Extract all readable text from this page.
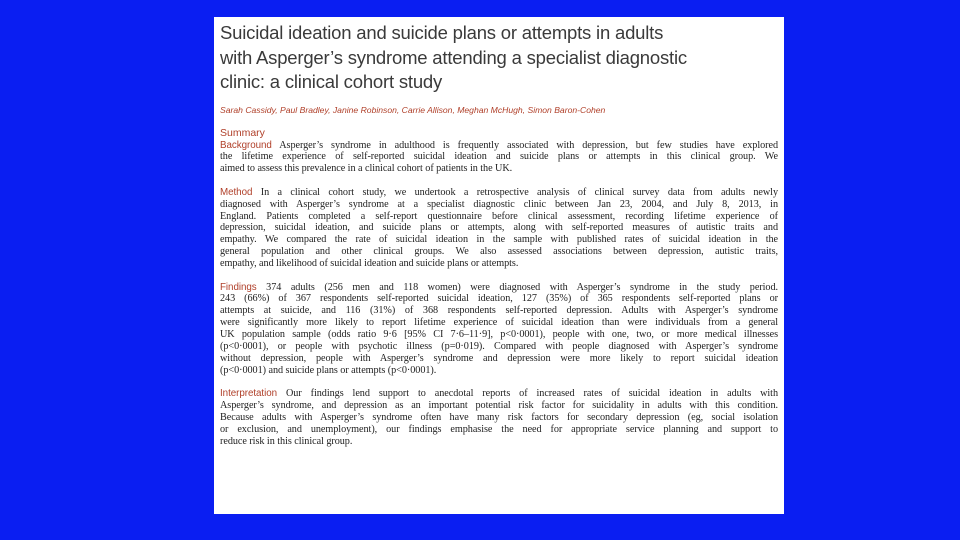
Suicidal ideation and suicide plans or attempts in adults
with Asperger’s syndrome attending a specialist diagnostic
clinic: a clinical cohort study
Sarah Cassidy, Paul Bradley, Janine Robinson, Carrie Allison, Meghan McHugh, Simon Baron-Cohen
Summary
Background Asperger’s syndrome in adulthood is frequently associated with depression, but few studies have explored
the lifetime experience of self-reported suicidal ideation and suicide plans or attempts in this clinical group. We
aimed to assess this prevalence in a clinical cohort of patients in the UK.
Method In a clinical cohort study, we undertook a retrospective analysis of clinical survey data from adults newly
diagnosed with Asperger’s syndrome at a specialist diagnostic clinic between Jan 23, 2004, and July 8, 2013, in
England. Patients completed a self-report questionnaire before clinical assessment, recording lifetime experience of
depression, suicidal ideation, and suicide plans or attempts, along with self-reported measures of autistic traits and
empathy. We compared the rate of suicidal ideation in the sample with published rates of suicidal ideation in the
general population and other clinical groups. We also assessed associations between depression, autistic traits,
empathy, and likelihood of suicidal ideation and suicide plans or attempts.
Findings 374 adults (256 men and 118 women) were diagnosed with Asperger’s syndrome in the study period.
243 (66%) of 367 respondents self-reported suicidal ideation, 127 (35%) of 365 respondents self-reported plans or
attempts at suicide, and 116 (31%) of 368 respondents self-reported depression. Adults with Asperger’s syndrome
were significantly more likely to report lifetime experience of suicidal ideation than were individuals from a general
UK population sample (odds ratio 9·6 [95% CI 7·6–11·9], p<0·0001), people with one, two, or more medical illnesses
(p<0·0001), or people with psychotic illness (p=0·019). Compared with people diagnosed with Asperger’s syndrome
without depression, people with Asperger’s syndrome and depression were more likely to report suicidal ideation
(p<0·0001) and suicide plans or attempts (p<0·0001).
Interpretation Our findings lend support to anecdotal reports of increased rates of suicidal ideation in adults with
Asperger’s syndrome, and depression as an important potential risk factor for suicidality in adults with this condition.
Because adults with Asperger’s syndrome often have many risk factors for secondary depression (eg, social isolation
or exclusion, and unemployment), our findings emphasise the need for appropriate service planning and support to
reduce risk in this clinical group.
